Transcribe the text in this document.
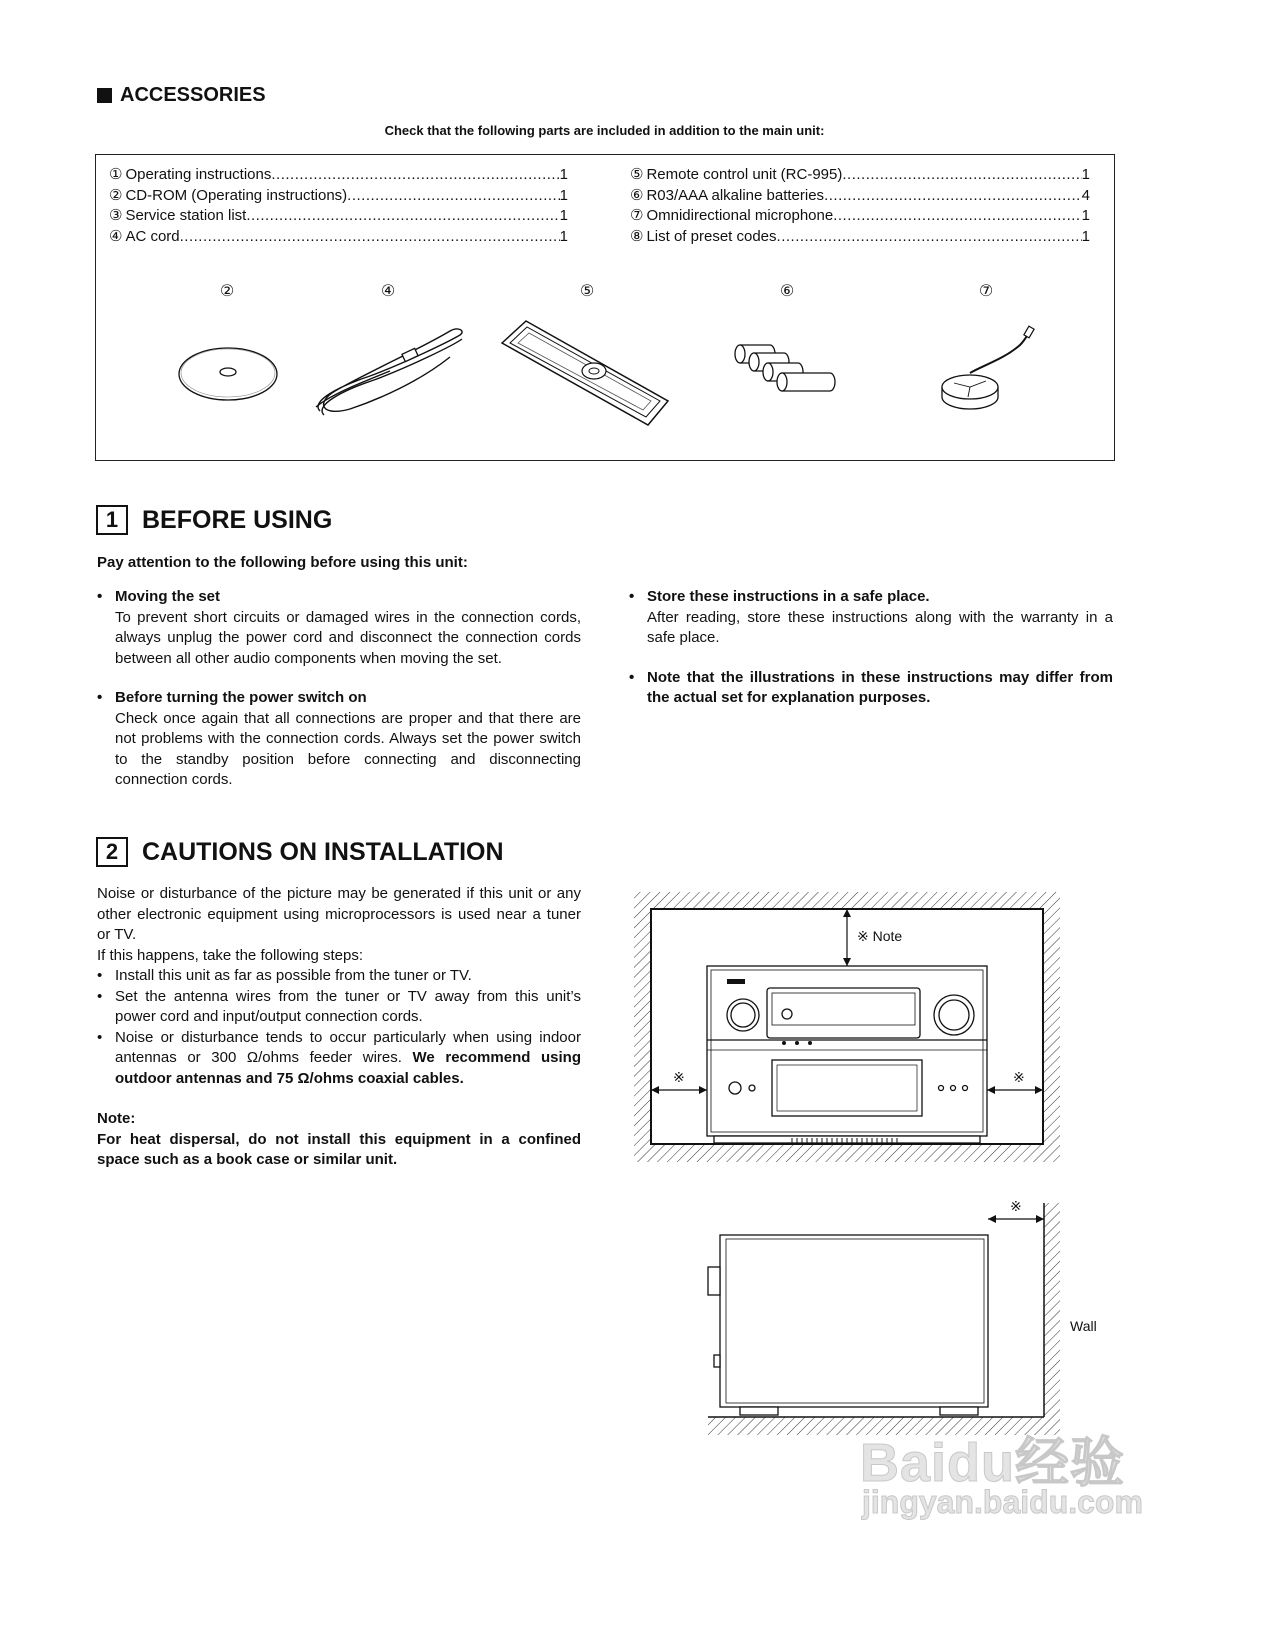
ACCESSORIES
Check that the following parts are included in addition to the main unit:
① Operating instructions .....	1
② CD-ROM (Operating instructions) .....	1
③ Service station list .....	1
④ AC cord .....	1
⑤ Remote control unit (RC-995) .....	1
⑥ R03/AAA alkaline batteries .....	4
⑦ Omnidirectional microphone .....	1
⑧ List of preset codes .....	1
②	④	⑤	⑥	⑦
1 BEFORE USING
Pay attention to the following before using this unit:
• Moving the set
To prevent short circuits or damaged wires in the connection cords, always unplug the power cord and disconnect the connection cords between all other audio components when moving the set.
• Before turning the power switch on
Check once again that all connections are proper and that there are not problems with the connection cords. Always set the power switch to the standby position before connecting and disconnecting connection cords.
• Store these instructions in a safe place.
After reading, store these instructions along with the warranty in a safe place.
• Note that the illustrations in these instructions may differ from the actual set for explanation purposes.
2 CAUTIONS ON INSTALLATION
Noise or disturbance of the picture may be generated if this unit or any other electronic equipment using microprocessors is used near a tuner or TV.
If this happens, take the following steps:
• Install this unit as far as possible from the tuner or TV.
• Set the antenna wires from the tuner or TV away from this unit’s power cord and input/output connection cords.
• Noise or disturbance tends to occur particularly when using indoor antennas or 300 Ω/ohms feeder wires. We recommend using outdoor antennas and 75 Ω/ohms coaxial cables.
Note:
For heat dispersal, do not install this equipment in a confined space such as a book case or similar unit.
※ Note
※	※
※
Wall
Baidu经验
jingyan.baidu.com
